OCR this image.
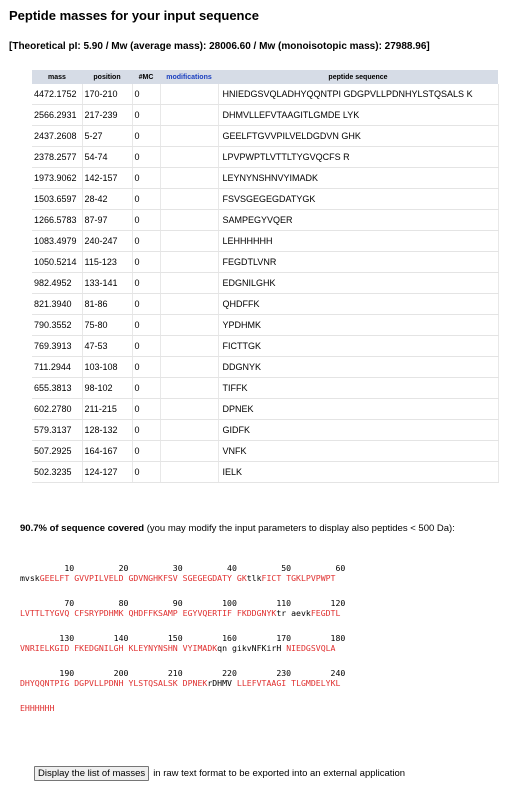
Peptide masses for your input sequence
[Theoretical pI: 5.90 / Mw (average mass): 28006.60 / Mw (monoisotopic mass): 27988.96]
mass	position	#MC	modifications	peptide sequence
4472.1752	170-210	0		HNIEDGSVQLADHYQQNTPI GDGPVLLPDNHYLSTQSALS K
2566.2931	217-239	0		DHMVLLEFVTAAGITLGMDE LYK
2437.2608	5-27	0		GEELFTGVVPILVELDGDVN GHK
2378.2577	54-74	0		LPVPWPTLVTTLTYGVQCFS R
1973.9062	142-157	0		LEYNYNSHNVYIMADK
1503.6597	28-42	0		FSVSGEGEGDATYGK
1266.5783	87-97	0		SAMPEGYVQER
1083.4979	240-247	0		LEHHHHHH
1050.5214	115-123	0		FEGDTLVNR
982.4952	133-141	0		EDGNILGHK
821.3940	81-86	0		QHDFFK
790.3552	75-80	0		YPDHMK
769.3913	47-53	0		FICTTGK
711.2944	103-108	0		DDGNYK
655.3813	98-102	0		TIFFK
602.2780	211-215	0		DPNEK
579.3137	128-132	0		GIDFK
507.2925	164-167	0		VNFK
502.3235	124-127	0		IELK
90.7% of sequence covered (you may modify the input parameters to display also peptides < 500 Da):
10         20         30         40         50         60
mvskGEELFT GVVPILVELD GDVNGHKFSV SGEGEGDATY GKtlkFICT TGKLPVPWPT
70         80         90        100        110        120
LVTTLTYGVQ CFSRYPDHMK QHDFFKSAMP EGYVQERTIF FKDDGNYKtr aevkFEGDTL
130        140        150        160        170        180
VNRIELKGID FKEDGNILGH KLEYNYNSHN VYIMADKqn gikvNFKirH NIEDGSVQLA
190        200        210        220        230        240
DHYQQNTPIG DGPVLLPDNH YLSTQSALSK DPNEKrDHMV LLEFVTAAGI TLGMDELYKL
EHHHHHH
Display the list of masses in raw text format to be exported into an external application
